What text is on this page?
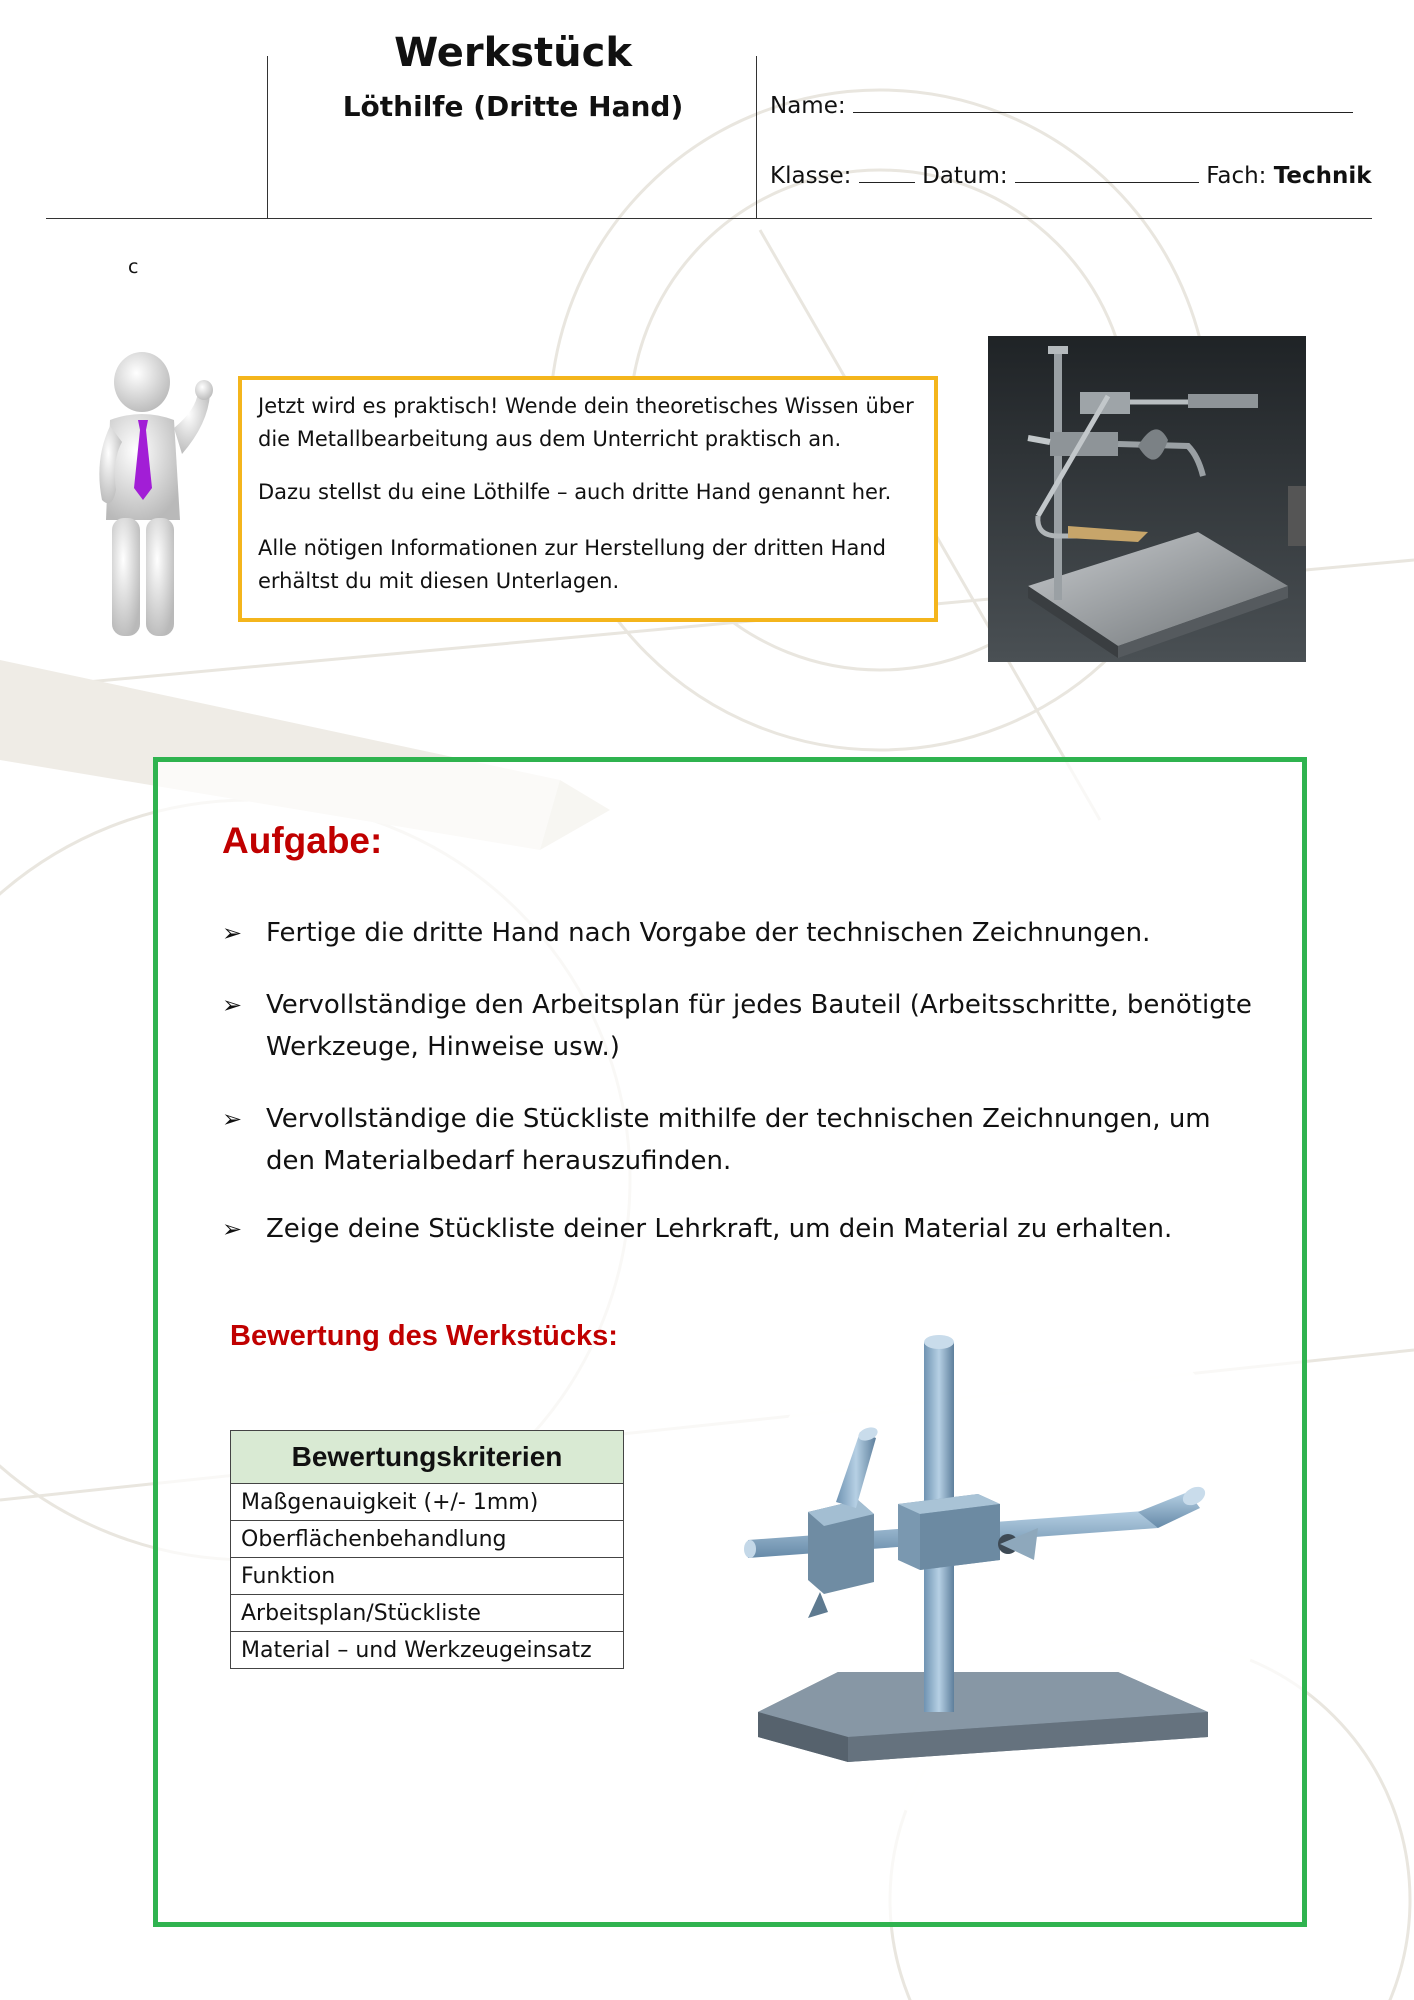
Werkstück
Löthilfe (Dritte Hand)	Name:
Klasse:	Datum:	Fach: Technik
c

Jetzt wird es praktisch! Wende dein theoretisches Wissen über die Metallbearbeitung aus dem Unterricht praktisch an.

Dazu stellst du eine Löthilfe – auch dritte Hand genannt her.

Alle nötigen Informationen zur Herstellung der dritten Hand erhältst du mit diesen Unterlagen.

Aufgabe:
➢ Fertige die dritte Hand nach Vorgabe der technischen Zeichnungen.
➢ Vervollständige den Arbeitsplan für jedes Bauteil (Arbeitsschritte, benötigte Werkzeuge, Hinweise usw.)
➢ Vervollständige die Stückliste mithilfe der technischen Zeichnungen, um den Materialbedarf herauszufinden.
➢ Zeige deine Stückliste deiner Lehrkraft, um dein Material zu erhalten.
Bewertung des Werkstücks:
Bewertungskriterien
Maßgenauigkeit (+/- 1mm)
Oberflächenbehandlung
Funktion
Arbeitsplan/Stückliste
Material – und Werkzeugeinsatz
